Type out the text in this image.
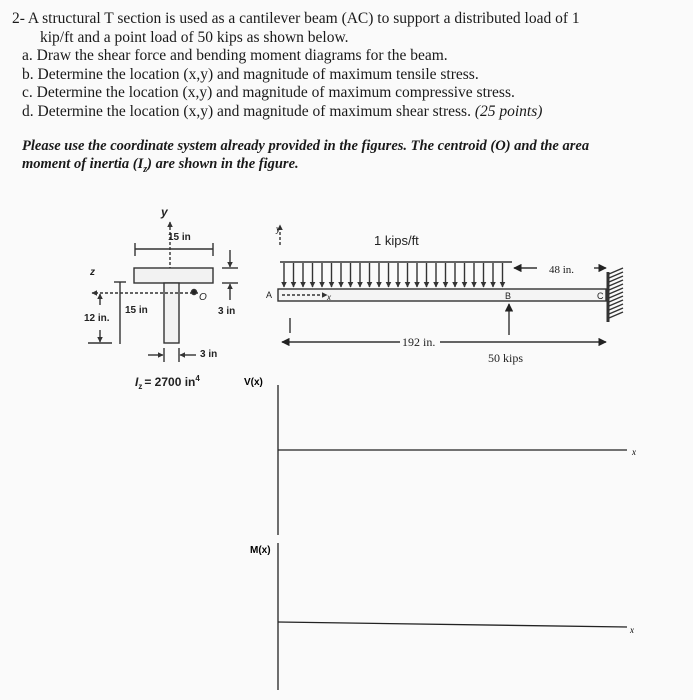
2- A structural T section is used as a cantilever beam (AC) to support a distributed load of 1
kip/ft and a point load of 50 kips as shown below.
a. Draw the shear force and bending moment diagrams for the beam.
b. Determine the location (x,y) and magnitude of maximum tensile stress.
c. Determine the location (x,y) and magnitude of maximum compressive stress.
d. Determine the location (x,y) and magnitude of maximum shear stress. (25 points)
Please use the coordinate system already provided in the figures. The centroid (O) and the area
moment of inertia $(I_z)$ are shown in the figure.
y
15 in
z
O
15 in	3 in
12 in.
3 in
$I_z = 2700$ $in^4$
y
1 kips/ft
48 in.
A	x	B	C
192 in.
50 kips
V(x)
x
M(x)
x
